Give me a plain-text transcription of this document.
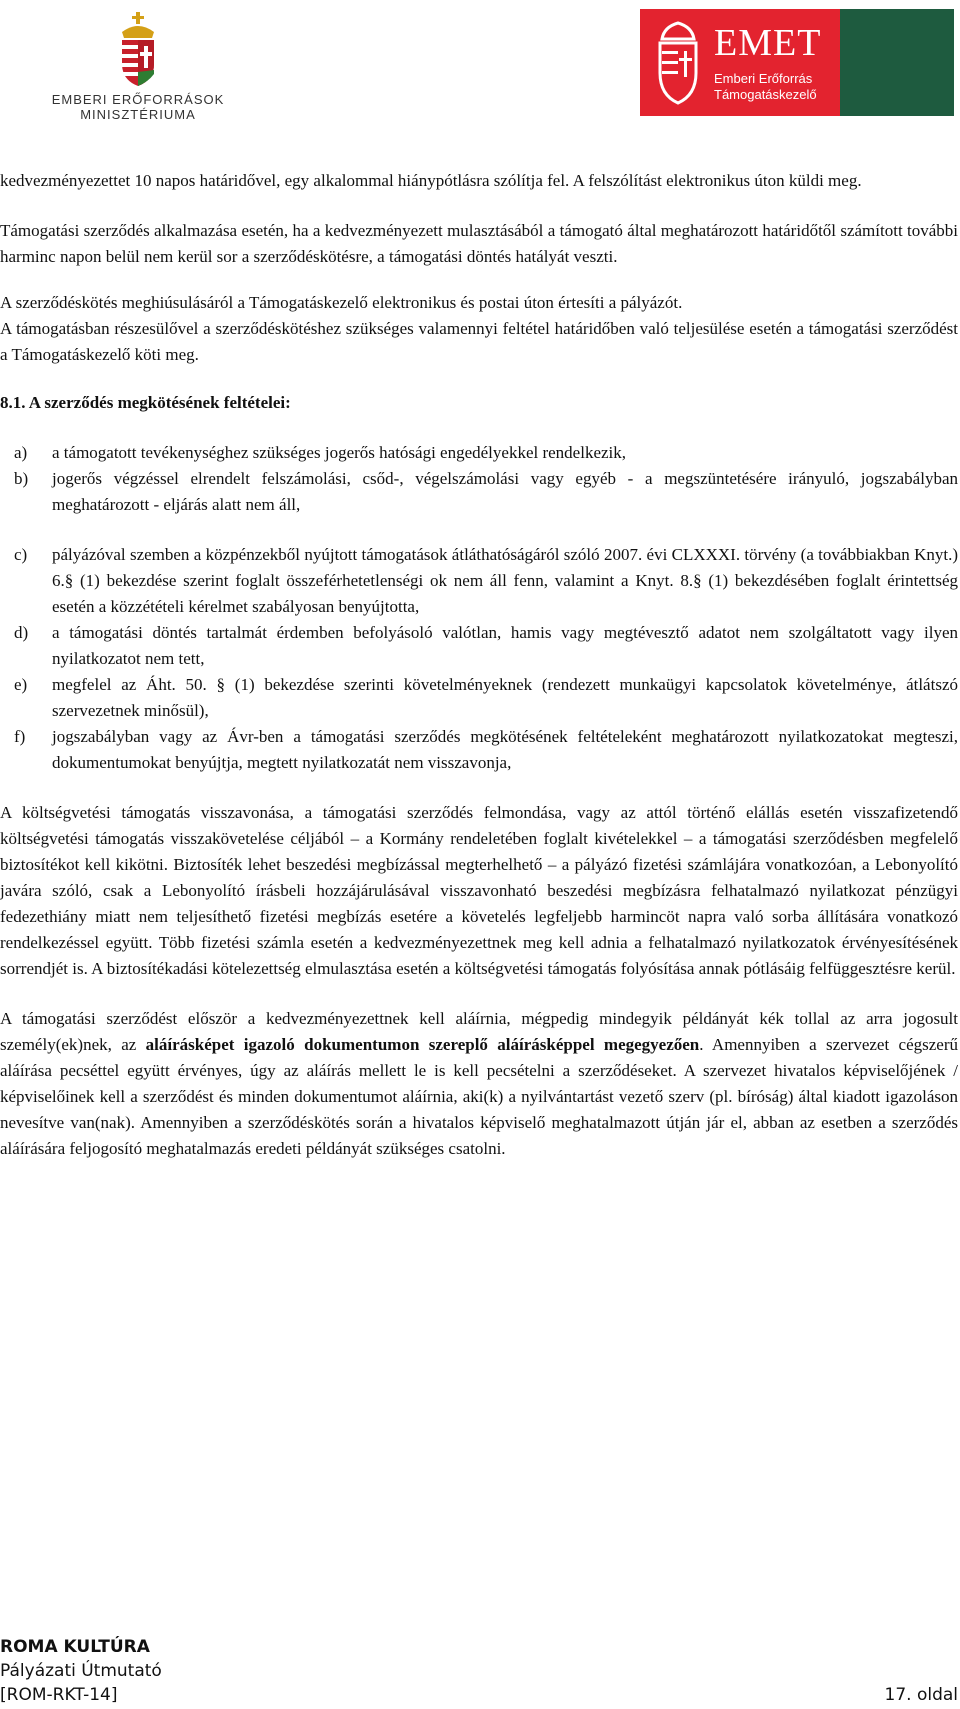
EMBERI ERŐFORRÁSOK
MINISZTÉRIUMA
EMET
Emberi Erőforrás
Támogatáskezelő

kedvezményezettet 10 napos határidővel, egy alkalommal hiánypótlásra szólítja fel. A felszólítást elektronikus úton küldi meg.

Támogatási szerződés alkalmazása esetén, ha a kedvezményezett mulasztásából a támogató által meghatározott határidőtől számított további harminc napon belül nem kerül sor a szerződéskötésre, a támogatási döntés hatályát veszti.

A szerződéskötés meghiúsulásáról a Támogatáskezelő elektronikus és postai úton értesíti a pályázót.

A támogatásban részesülővel a szerződéskötéshez szükséges valamennyi feltétel határidőben való teljesülése esetén a támogatási szerződést a Támogatáskezelő köti meg.

8.1. A szerződés megkötésének feltételei:

a) a támogatott tevékenységhez szükséges jogerős hatósági engedélyekkel rendelkezik,
b) jogerős végzéssel elrendelt felszámolási, csőd-, végelszámolási vagy egyéb - a megszüntetésére irányuló, jogszabályban meghatározott - eljárás alatt nem áll,
c) pályázóval szemben a közpénzekből nyújtott támogatások átláthatóságáról szóló 2007. évi CLXXXI. törvény (a továbbiakban Knyt.) 6.§ (1) bekezdése szerint foglalt összeférhetetlenségi ok nem áll fenn, valamint a Knyt. 8.§ (1) bekezdésében foglalt érintettség esetén a közzétételi kérelmet szabályosan benyújtotta,
d) a támogatási döntés tartalmát érdemben befolyásoló valótlan, hamis vagy megtévesztő adatot nem szolgáltatott vagy ilyen nyilatkozatot nem tett,
e) megfelel az Áht. 50. § (1) bekezdése szerinti követelményeknek (rendezett munkaügyi kapcsolatok követelménye, átlátszó szervezetnek minősül),
f) jogszabályban vagy az Ávr-ben a támogatási szerződés megkötésének feltételeként meghatározott nyilatkozatokat megteszi, dokumentumokat benyújtja, megtett nyilatkozatát nem visszavonja,

A költségvetési támogatás visszavonása, a támogatási szerződés felmondása, vagy az attól történő elállás esetén visszafizetendő költségvetési támogatás visszakövetelése céljából – a Kormány rendeletében foglalt kivételekkel – a támogatási szerződésben megfelelő biztosítékot kell kikötni. Biztosíték lehet beszedési megbízással megterhelhető – a pályázó fizetési számlájára vonatkozóan, a Lebonyolító javára szóló, csak a Lebonyolító írásbeli hozzájárulásával visszavonható beszedési megbízásra felhatalmazó nyilatkozat pénzügyi fedezethiány miatt nem teljesíthető fizetési megbízás esetére a követelés legfeljebb harmincöt napra való sorba állítására vonatkozó rendelkezéssel együtt. Több fizetési számla esetén a kedvezményezettnek meg kell adnia a felhatalmazó nyilatkozatok érvényesítésének sorrendjét is. A biztosítékadási kötelezettség elmulasztása esetén a költségvetési támogatás folyósítása annak pótlásáig felfüggesztésre kerül.

A támogatási szerződést először a kedvezményezettnek kell aláírnia, mégpedig mindegyik példányát kék tollal az arra jogosult személy(ek)nek, az aláírásképet igazoló dokumentumon szereplő aláírásképpel megegyezően. Amennyiben a szervezet cégszerű aláírása pecséttel együtt érvényes, úgy az aláírás mellett le is kell pecsételni a szerződéseket. A szervezet hivatalos képviselőjének / képviselőinek kell a szerződést és minden dokumentumot aláírnia, aki(k) a nyilvántartást vezető szerv (pl. bíróság) által kiadott igazoláson nevesítve van(nak). Amennyiben a szerződéskötés során a hivatalos képviselő meghatalmazott útján jár el, abban az esetben a szerződés aláírására feljogosító meghatalmazás eredeti példányát szükséges csatolni.

ROMA KULTÚRA
Pályázati Útmutató
[ROM-RKT-14]	17. oldal
